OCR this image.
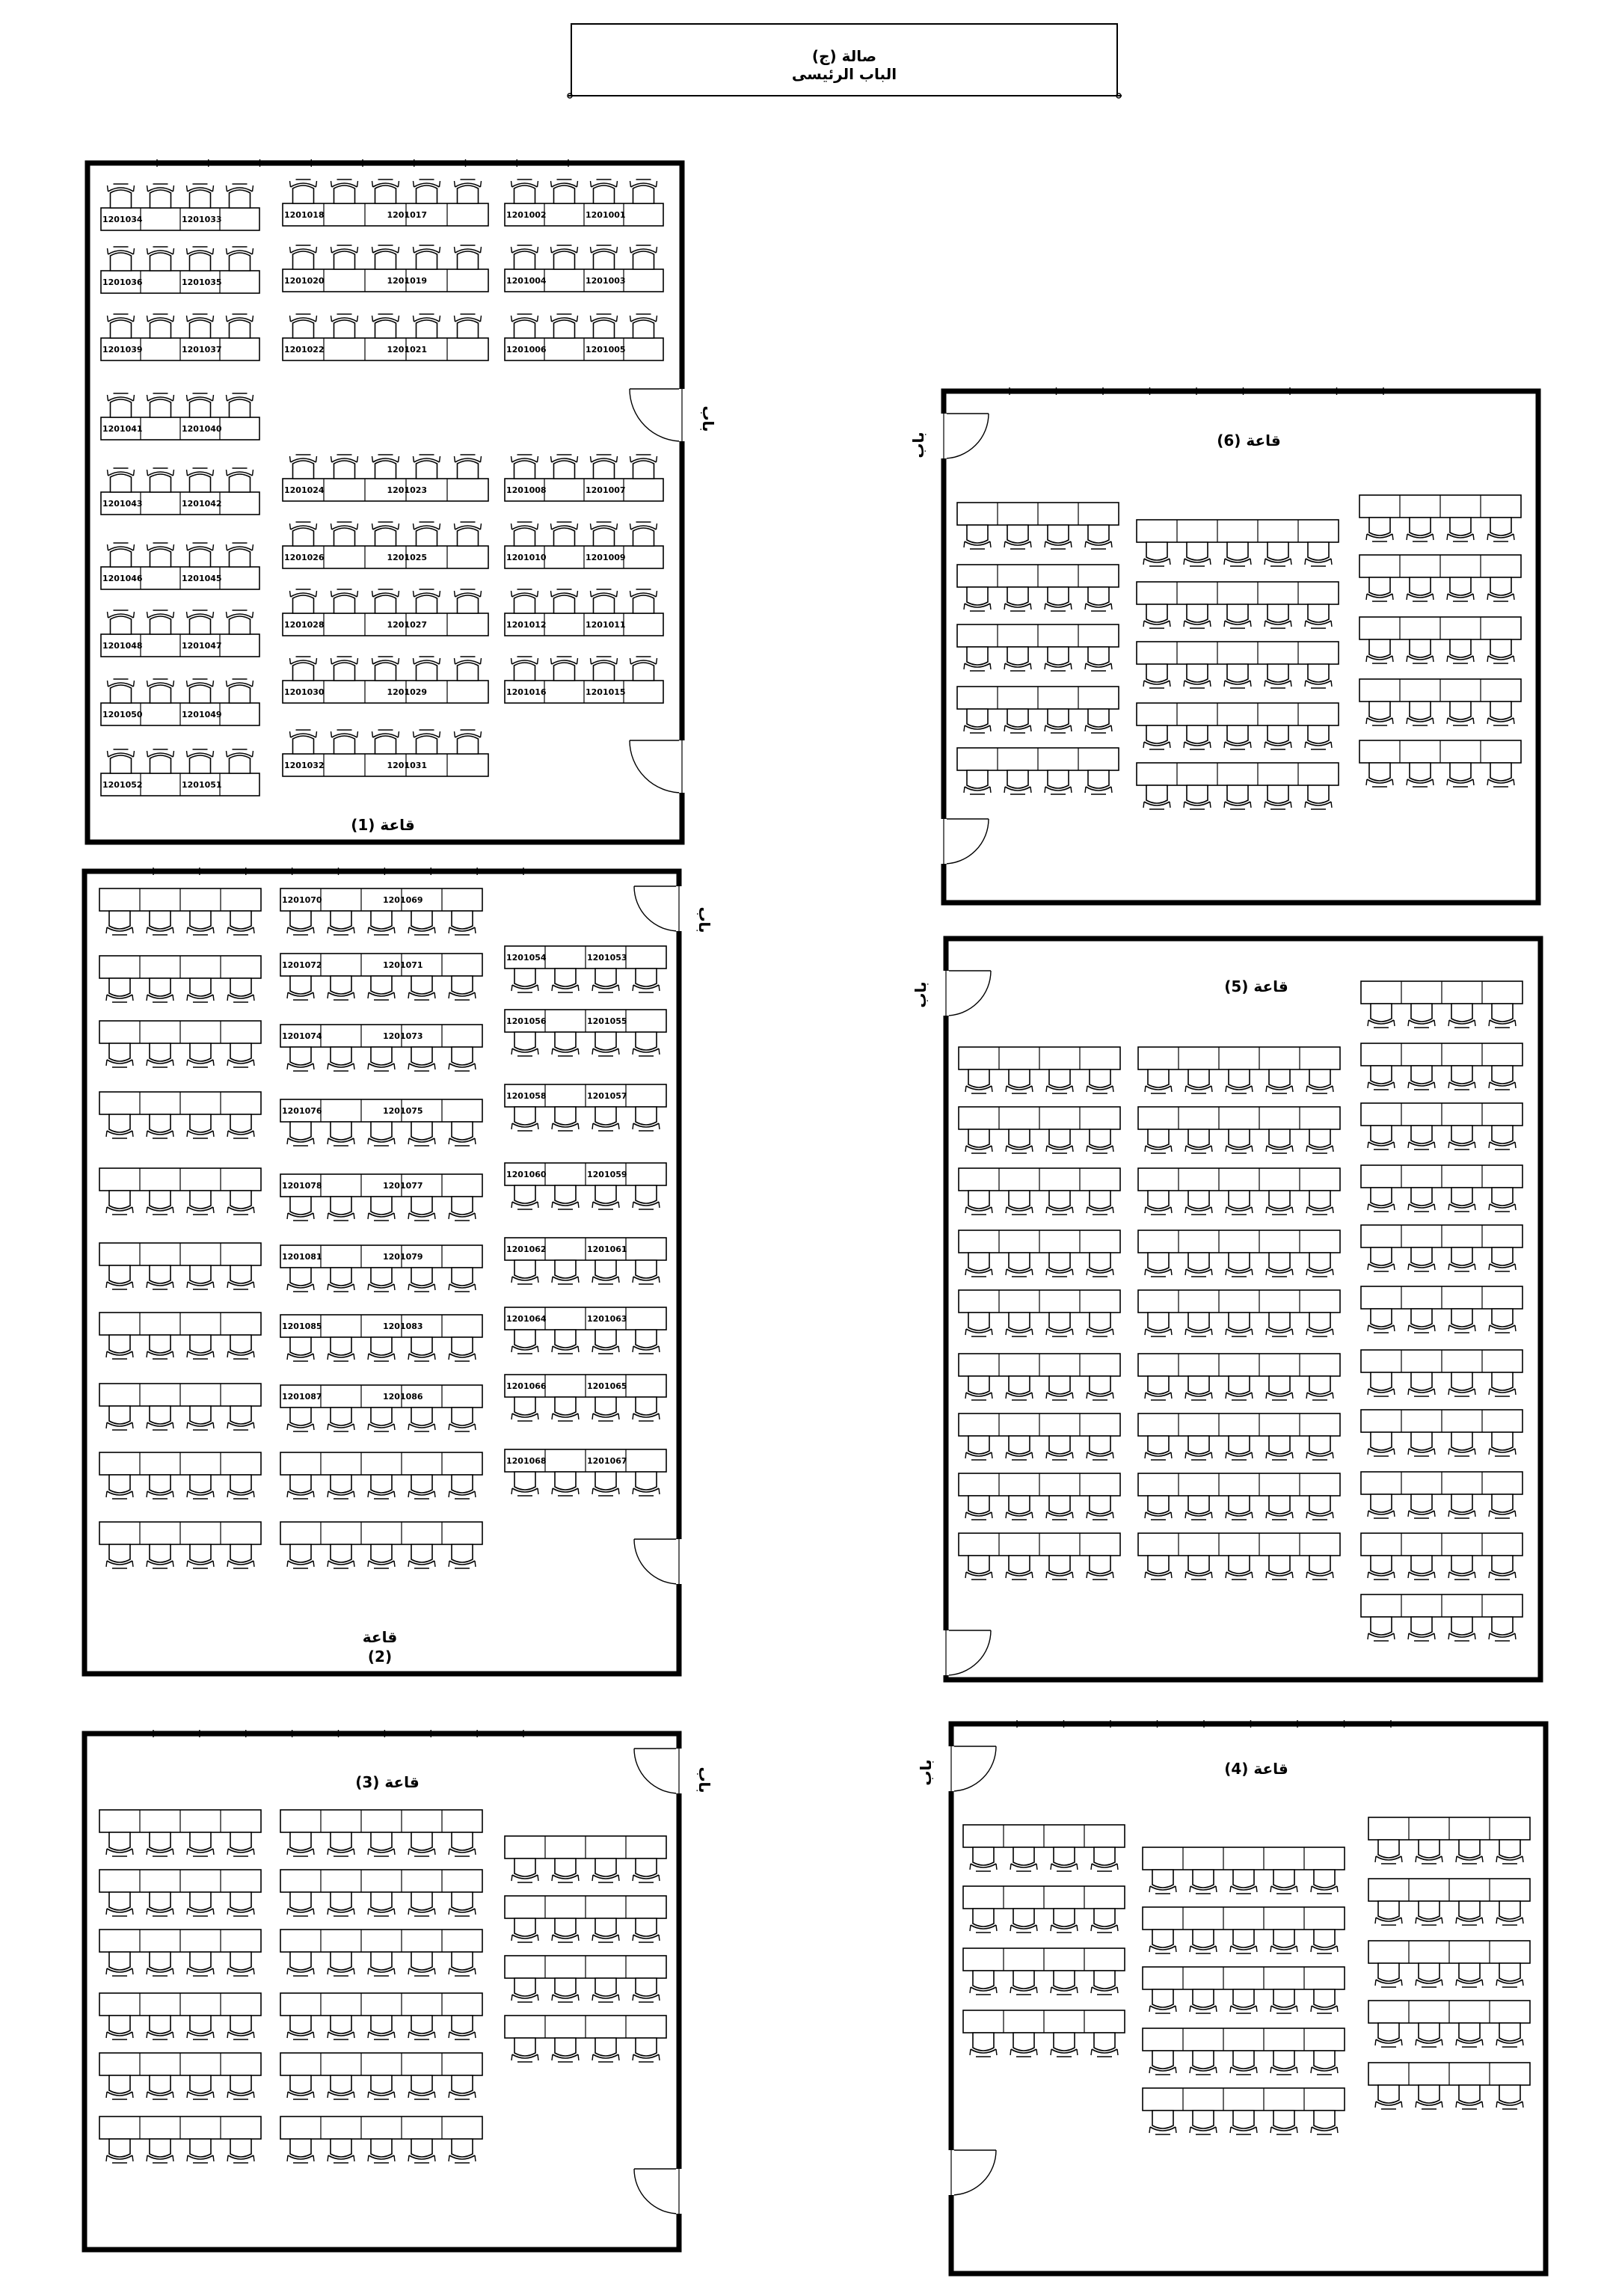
صالة (ج)
الباب الرئيسى
قاعة (1)
قاعة
(2)
قاعة (3)
قاعة (6)
قاعة (5)
قاعة (4)
باب
باب
باب
باب
باب
باب
1201034	1201033
1201036	1201035
1201039	1201037
1201041	1201040
1201043	1201042
1201046	1201045
1201048	1201047
1201050	1201049
1201052	1201051
1201018	1201017
1201020	1201019
1201022	1201021
1201024	1201023
1201026	1201025
1201028	1201027
1201030	1201029
1201032	1201031
1201002	1201001
1201004	1201003
1201006	1201005
1201008	1201007
1201010	1201009
1201012	1201011
1201016	1201015
1201070	1201069
1201072	1201071
1201074	1201073
1201076	1201075
1201078	1201077
1201081	1201079
1201085	1201083
1201087	1201086
1201054	1201053
1201056	1201055
1201058	1201057
1201060	1201059
1201062	1201061
1201064	1201063
1201066	1201065
1201068	1201067
